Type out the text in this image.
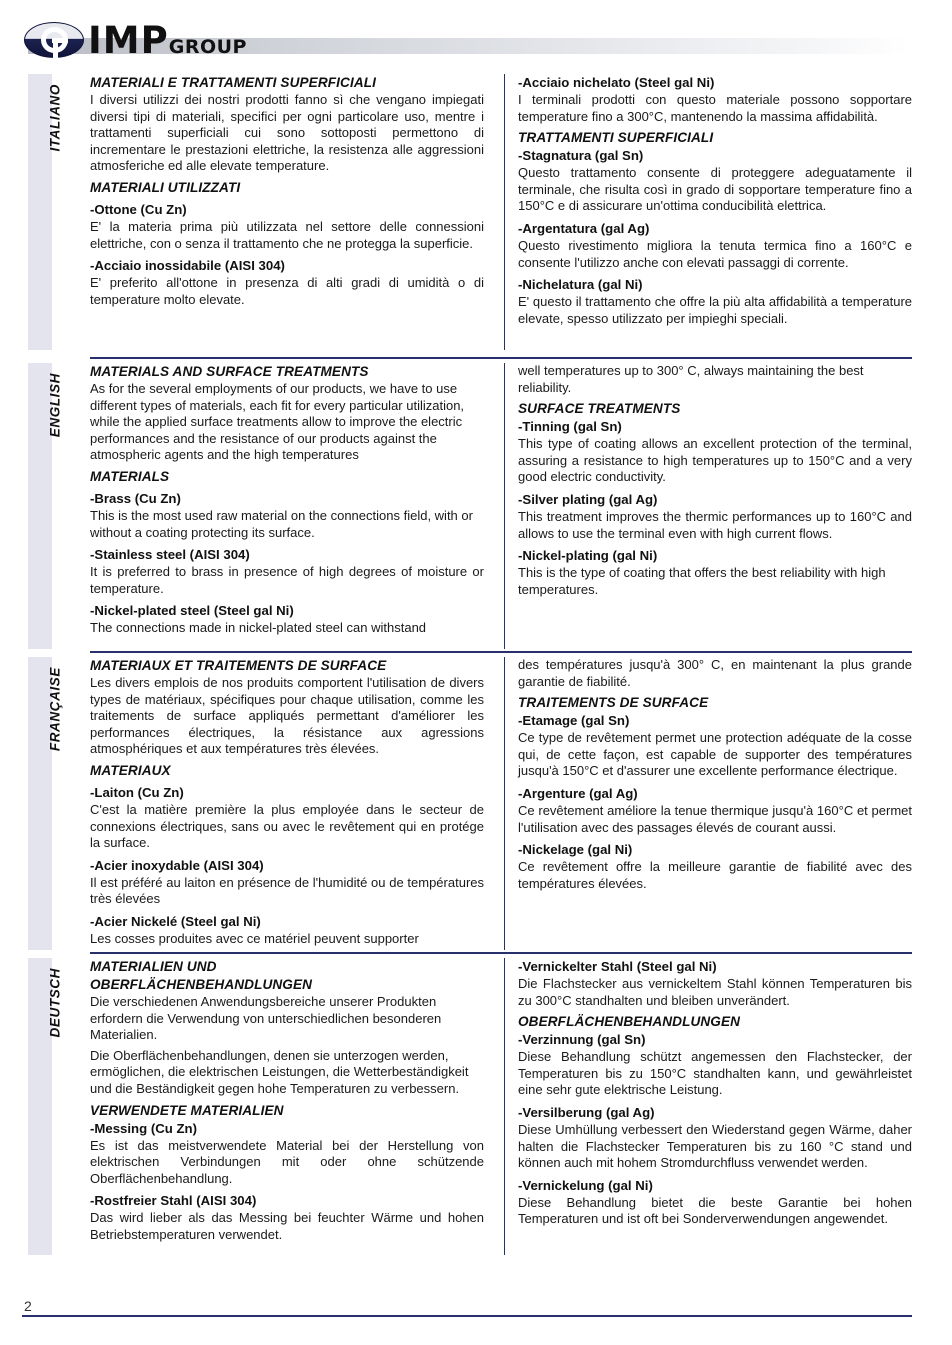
IMP GROUP
ITALIANO
MATERIALI E TRATTAMENTI SUPERFICIALI

I diversi utilizzi dei nostri prodotti fanno sì che vengano impiegati diversi tipi di materiali, specifici per ogni particolare uso, mentre i trattamenti superficiali cui sono sottoposti permettono di incrementare le prestazioni elettriche, la resistenza alle aggressioni atmosferiche ed alle elevate temperature.

MATERIALI UTILIZZATI
-Ottone (Cu Zn)

E' la materia prima più utilizzata nel settore delle connessioni elettriche, con o senza il trattamento che ne protegga la superficie.

-Acciaio inossidabile (AISI 304)

E' preferito all'ottone in presenza di alti gradi di umidità o di temperature molto elevate.

-Acciaio nichelato (Steel gal Ni)

I terminali prodotti con questo materiale possono sopportare temperature fino a 300°C, mantenendo la massima affidabilità.

TRATTAMENTI SUPERFICIALI
-Stagnatura (gal Sn)

Questo trattamento consente di proteggere adeguatamente il terminale, che risulta così in grado di sopportare temperature fino a 150°C e di assicurare un'ottima conducibilità elettrica.

-Argentatura (gal Ag)

Questo rivestimento migliora la tenuta termica fino a 160°C e consente l'utilizzo anche con elevati passaggi di corrente.

-Nichelatura (gal Ni)

E' questo il trattamento che offre la più alta affidabilità a temperature elevate, spesso utilizzato per impieghi speciali.

ENGLISH
MATERIALS AND SURFACE TREATMENTS

As for the several employments of our products, we have to use different types of materials, each fit for every particular utilization, while the applied surface treatments allow to improve the electric performances and the resistance of our products against the atmospheric agents and the high temperatures

MATERIALS
-Brass (Cu Zn)

This is the most used raw material on the connections field, with or without a coating protecting its surface.

-Stainless steel (AISI 304)

It is preferred to brass in presence of high degrees of moisture or temperature.

-Nickel-plated steel (Steel gal Ni)

The connections made in nickel-plated steel can withstand

well temperatures up to 300° C, always maintaining the best reliability.

SURFACE TREATMENTS
-Tinning (gal Sn)

This type of coating allows an excellent protection of the terminal, assuring a resistance to high temperatures up to 150°C and a very good electric conductivity.

-Silver plating (gal Ag)

This treatment improves the thermic performances up to 160°C and allows to use the terminal even with high current flows.

-Nickel-plating (gal Ni)

This is the type of coating that offers the best reliability with high temperatures.

FRANÇAISE
MATERIAUX ET TRAITEMENTS DE SURFACE

Les divers emplois de nos produits comportent l'utilisation de divers types de matériaux, spécifiques pour chaque utilisation, comme les traitements de surface appliqués permettant d'améliorer les performances électriques, la résistance aux agressions atmosphériques et aux températures très élevées.

MATERIAUX
-Laiton (Cu Zn)

C'est la matière première la plus employée dans le secteur de connexions électriques, sans ou avec le revêtement qui en protége la surface.

-Acier inoxydable (AISI 304)

Il est préféré au laiton en présence de l'humidité ou de températures très élevées

-Acier Nickelé (Steel gal Ni)

Les cosses produites avec ce matériel peuvent supporter

des températures jusqu'à 300° C, en maintenant la plus grande garantie de fiabilité.

TRAITEMENTS DE SURFACE
-Etamage (gal Sn)

Ce type de revêtement permet une protection adéquate de la cosse qui, de cette façon, est capable de supporter des températures jusqu'à 150°C et d'assurer une excellente performance électrique.

-Argenture (gal Ag)

Ce revêtement améliore la tenue thermique jusqu'à 160°C et permet l'utilisation avec des passages élevés de courant aussi.

-Nickelage (gal Ni)

Ce revêtement offre la meilleure garantie de fiabilité avec des températures élevées.

DEUTSCH
MATERIALIEN UND
OBERFLÄCHENBEHANDLUNGEN

Die verschiedenen Anwendungsbereiche unserer Produkten erfordern die Verwendung von unterschiedlichen besonderen Materialien.

Die Oberflächenbehandlungen, denen sie unterzogen werden, ermöglichen, die elektrischen Leistungen, die Wetterbeständigkeit und die Beständigkeit gegen hohe Temperaturen zu verbessern.

VERWENDETE MATERIALIEN
-Messing (Cu Zn)

Es ist das meistverwendete Material bei der Herstellung von elektrischen Verbindungen mit oder ohne schützende Oberflächenbehandlung.

-Rostfreier Stahl (AISI 304)

Das wird lieber als das Messing bei feuchter Wärme und hohen Betriebstemperaturen verwendet.

-Vernickelter Stahl (Steel gal Ni)

Die Flachstecker aus vernickeltem Stahl können Temperaturen bis zu 300°C standhalten und bleiben unverändert.

OBERFLÄCHENBEHANDLUNGEN
-Verzinnung (gal Sn)

Diese Behandlung schützt angemessen den Flachstecker, der Temperaturen bis zu 150°C standhalten kann, und gewährleistet eine sehr gute elektrische Leistung.

-Versilberung (gal Ag)

Diese Umhüllung verbessert den Wiederstand gegen Wärme, daher halten die Flachstecker Temperaturen bis zu 160 °C stand und können auch mit hohem Stromdurchfluss verwendet werden.

-Vernickelung (gal Ni)

Diese Behandlung bietet die beste Garantie bei hohen Temperaturen und ist oft bei Sonderverwendungen angewendet.

2
